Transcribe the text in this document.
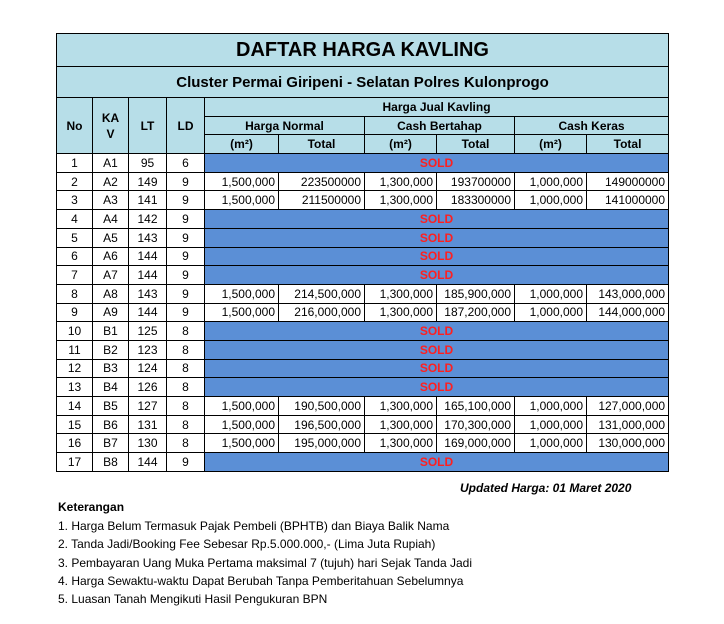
DAFTAR HARGA KAVLING									
Cluster Permai Giripeni - Selatan Polres Kulonprogo									
No	KA V	LT	LD	Harga Jual Kavling					
				Harga Normal		Cash Bertahap		Cash Keras	
				(m²)	Total	(m²)	Total	(m²)	Total
1	A1	95	6	SOLD					
2	A2	149	9	1,500,000	223500000	1,300,000	193700000	1,000,000	149000000
3	A3	141	9	1,500,000	211500000	1,300,000	183300000	1,000,000	141000000
4	A4	142	9	SOLD					
5	A5	143	9	SOLD					
6	A6	144	9	SOLD					
7	A7	144	9	SOLD					
8	A8	143	9	1,500,000	214,500,000	1,300,000	185,900,000	1,000,000	143,000,000
9	A9	144	9	1,500,000	216,000,000	1,300,000	187,200,000	1,000,000	144,000,000
10	B1	125	8	SOLD					
11	B2	123	8	SOLD					
12	B3	124	8	SOLD					
13	B4	126	8	SOLD					
14	B5	127	8	1,500,000	190,500,000	1,300,000	165,100,000	1,000,000	127,000,000
15	B6	131	8	1,500,000	196,500,000	1,300,000	170,300,000	1,000,000	131,000,000
16	B7	130	8	1,500,000	195,000,000	1,300,000	169,000,000	1,000,000	130,000,000
17	B8	144	9	SOLD					
Updated Harga: 01 Maret 2020
Keterangan
1. Harga Belum Termasuk Pajak Pembeli (BPHTB) dan Biaya Balik Nama
2. Tanda Jadi/Booking Fee Sebesar Rp.5.000.000,- (Lima Juta Rupiah)
3. Pembayaran Uang Muka Pertama maksimal 7 (tujuh) hari Sejak Tanda Jadi
4. Harga Sewaktu-waktu Dapat Berubah Tanpa Pemberitahuan Sebelumnya
5. Luasan Tanah Mengikuti Hasil Pengukuran BPN
